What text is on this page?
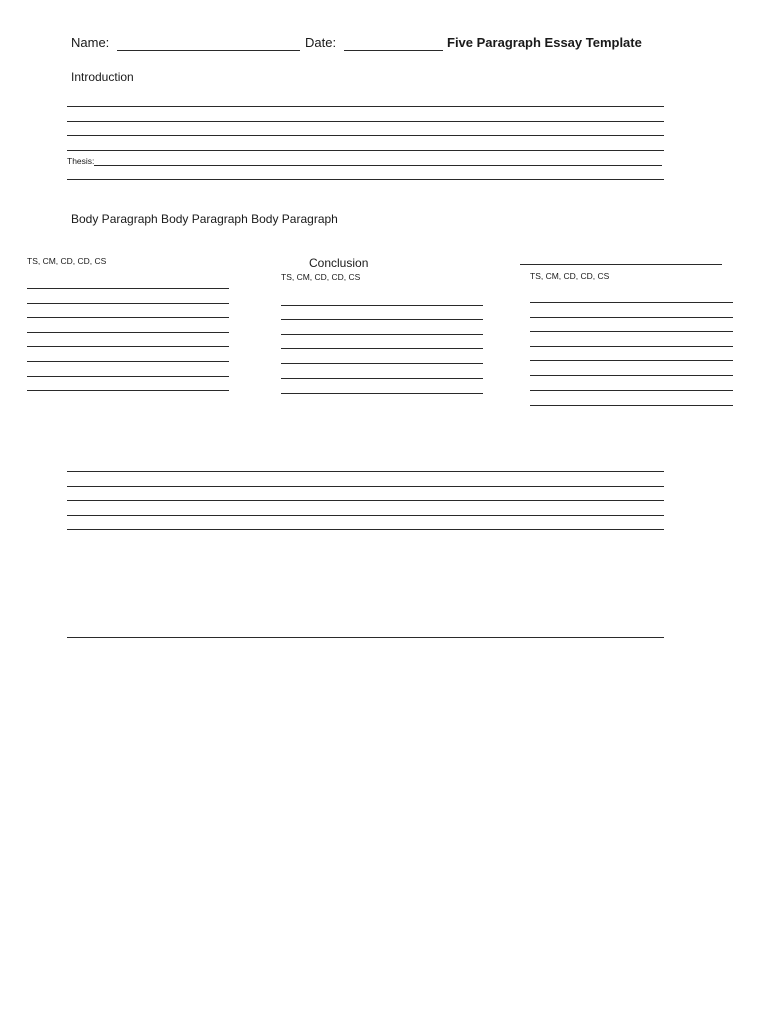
Name:	Date:	Five Paragraph Essay Template
Introduction
Thesis:
Body Paragraph Body Paragraph Body Paragraph
TS, CM, CD, CD, CS	Conclusion
TS, CM, CD, CD, CS	TS, CM, CD, CD, CS
